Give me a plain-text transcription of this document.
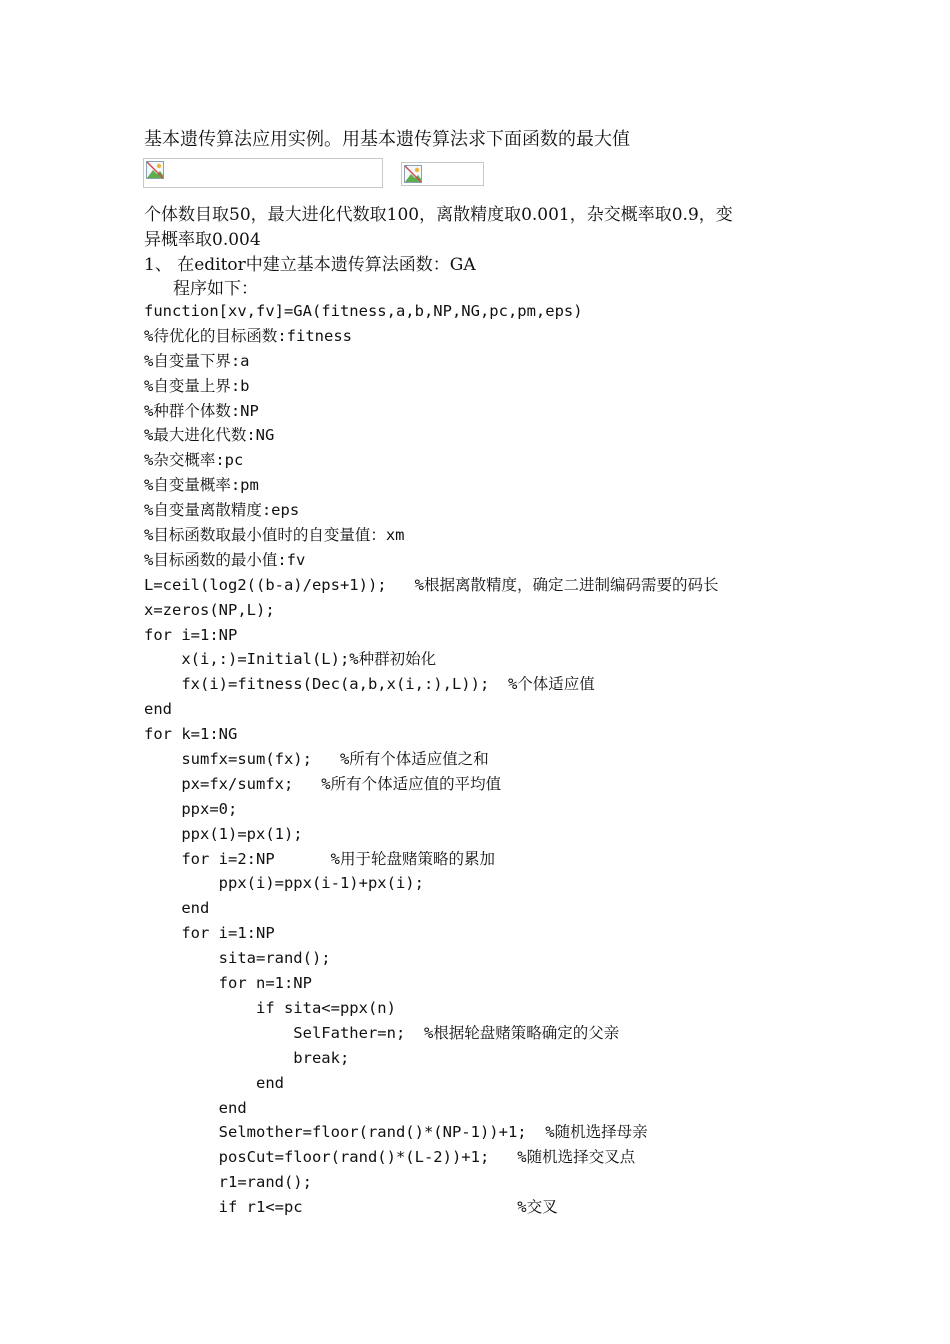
基本遗传算法应用实例。用基本遗传算法求下面函数的最大值
个体数目取50，最大进化代数取100，离散精度取0.001，杂交概率取0.9，变
异概率取0.004
1、 在editor中建立基本遗传算法函数：GA
程序如下：
function[xv,fv]=GA(fitness,a,b,NP,NG,pc,pm,eps)
%待优化的目标函数:fitness
%自变量下界:a
%自变量上界:b
%种群个体数:NP
%最大进化代数:NG
%杂交概率:pc
%自变量概率:pm
%自变量离散精度:eps
%目标函数取最小值时的自变量值：xm
%目标函数的最小值:fv
L=ceil(log2((b-a)/eps+1));   %根据离散精度，确定二进制编码需要的码长
x=zeros(NP,L);
for i=1:NP
x(i,:)=Initial(L);%种群初始化
fx(i)=fitness(Dec(a,b,x(i,:),L));  %个体适应值
end
for k=1:NG
sumfx=sum(fx);   %所有个体适应值之和
px=fx/sumfx;   %所有个体适应值的平均值
ppx=0;
ppx(1)=px(1);
for i=2:NP      %用于轮盘赌策略的累加
ppx(i)=ppx(i-1)+px(i);
end
for i=1:NP
sita=rand();
for n=1:NP
if sita<=ppx(n)
SelFather=n;  %根据轮盘赌策略确定的父亲
break;
end
end
Selmother=floor(rand()*(NP-1))+1;  %随机选择母亲
posCut=floor(rand()*(L-2))+1;   %随机选择交叉点
r1=rand();
if r1<=pc                       %交叉
